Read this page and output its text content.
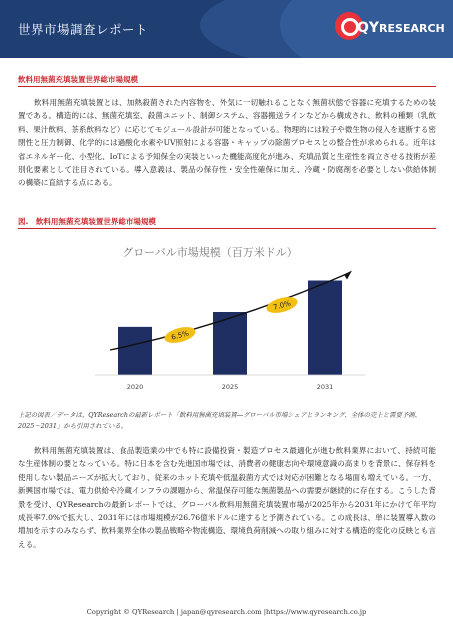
世界市場調査レポート	QYRESEARCH
飲料用無菌充填装置世界総市場規模

飲料用無菌充填装置とは、加熱殺菌された内容物を、外気に一切触れることなく無菌状態で容器に充填するための装置である。構造的には、無菌充填室、殺菌ユニット、制御システム、容器搬送ラインなどから構成され、飲料の種類（乳飲料、果汁飲料、茶系飲料など）に応じてモジュール設計が可能となっている。物理的には粒子や微生物の侵入を遮断する密閉性と圧力制御、化学的には過酸化水素やUV照射による容器・キャップの除菌プロセスとの整合性が求められる。近年は省エネルギー化、小型化、IoTによる予知保全の実装といった機能高度化が進み、充填品質と生産性を両立させる技術が差別化要素として注目されている。導入意義は、製品の保存性・安全性確保に加え、冷蔵・防腐剤を必要としない供給体制の構築に直結する点にある。

図.　飲料用無菌充填装置世界総市場規模
グローバル市場規模（百万米ドル）
2020	2025	2031
6.5%
7.0%
上記の図表／データは、QYResearchの最新レポート「飲料用無菌充填装置―グローバル市場シェアとランキング、全体の売上と需要予測、2025～2031」から引用されている。

飲料用無菌充填装置は、食品製造業の中でも特に設備投資・製造プロセス最適化が進む飲料業界において、持続可能な生産体制の要となっている。特に日本を含む先進国市場では、消費者の健康志向や環境意識の高まりを背景に、保存料を使用しない製品ニーズが拡大しており、従来のホット充填や低温殺菌方式では対応が困難となる場面も増えている。一方、新興国市場では、電力供給や冷蔵インフラの課題から、常温保存可能な無菌製品への需要が継続的に存在する。こうした背景を受け、QYResearchの最新レポートでは、グローバル飲料用無菌充填装置市場が2025年から2031年にかけて年平均成長率7.0%で拡大し、2031年には市場規模が26.76億米ドルに達すると予測されている。この成長は、単に装置導入数の増加を示すのみならず、飲料業界全体の製品戦略や物流構造、環境負荷削減への取り組みに対する構造的変化の反映とも言える。

Copyright © QYResearch | japan@qyresearch.com |https://www.qyresearch.co.jp
